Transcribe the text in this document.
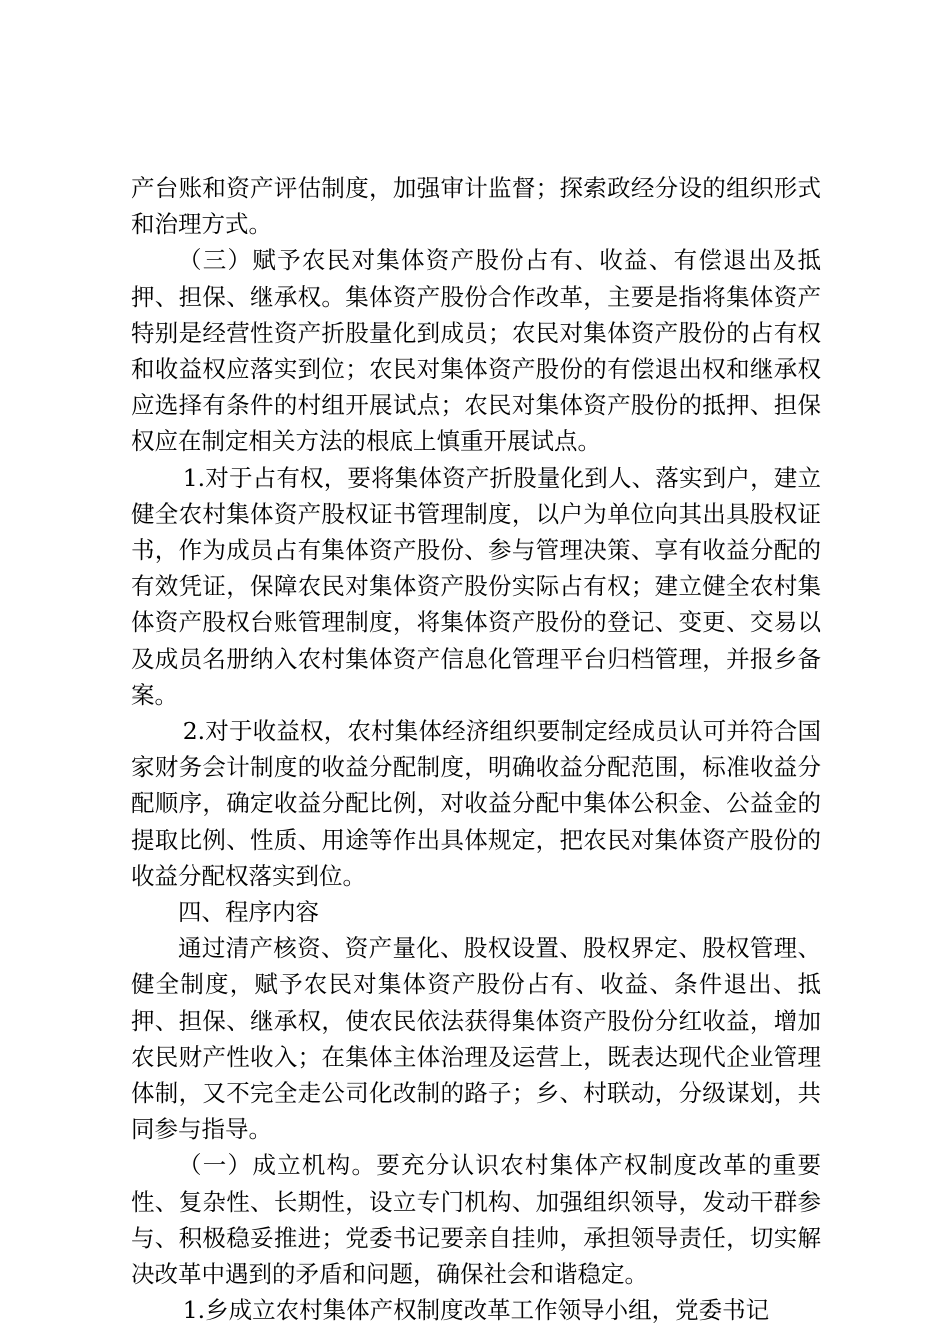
产台账和资产评估制度，加强审计监督；探索政经分设的组织形式和治理方式。

（三）赋予农民对集体资产股份占有、收益、有偿退出及抵押、担保、继承权。集体资产股份合作改革，主要是指将集体资产特别是经营性资产折股量化到成员；农民对集体资产股份的占有权和收益权应落实到位；农民对集体资产股份的有偿退出权和继承权应选择有条件的村组开展试点；农民对集体资产股份的抵押、担保权应在制定相关方法的根底上慎重开展试点。

1.对于占有权，要将集体资产折股量化到人、落实到户，建立健全农村集体资产股权证书管理制度，以户为单位向其出具股权证书，作为成员占有集体资产股份、参与管理决策、享有收益分配的有效凭证，保障农民对集体资产股份实际占有权；建立健全农村集体资产股权台账管理制度，将集体资产股份的登记、变更、交易以及成员名册纳入农村集体资产信息化管理平台归档管理，并报乡备案。

2.对于收益权，农村集体经济组织要制定经成员认可并符合国家财务会计制度的收益分配制度，明确收益分配范围，标准收益分配顺序，确定收益分配比例，对收益分配中集体公积金、公益金的提取比例、性质、用途等作出具体规定，把农民对集体资产股份的收益分配权落实到位。

四、程序内容

通过清产核资、资产量化、股权设置、股权界定、股权管理、健全制度，赋予农民对集体资产股份占有、收益、条件退出、抵押、担保、继承权，使农民依法获得集体资产股份分红收益，增加农民财产性收入；在集体主体治理及运营上，既表达现代企业管理体制，又不完全走公司化改制的路子；乡、村联动，分级谋划，共同参与指导。

（一）成立机构。要充分认识农村集体产权制度改革的重要性、复杂性、长期性，设立专门机构、加强组织领导，发动干群参与、积极稳妥推进；党委书记要亲自挂帅，承担领导责任，切实解决改革中遇到的矛盾和问题，确保社会和谐稳定。

1.乡成立农村集体产权制度改革工作领导小组，党委书记
